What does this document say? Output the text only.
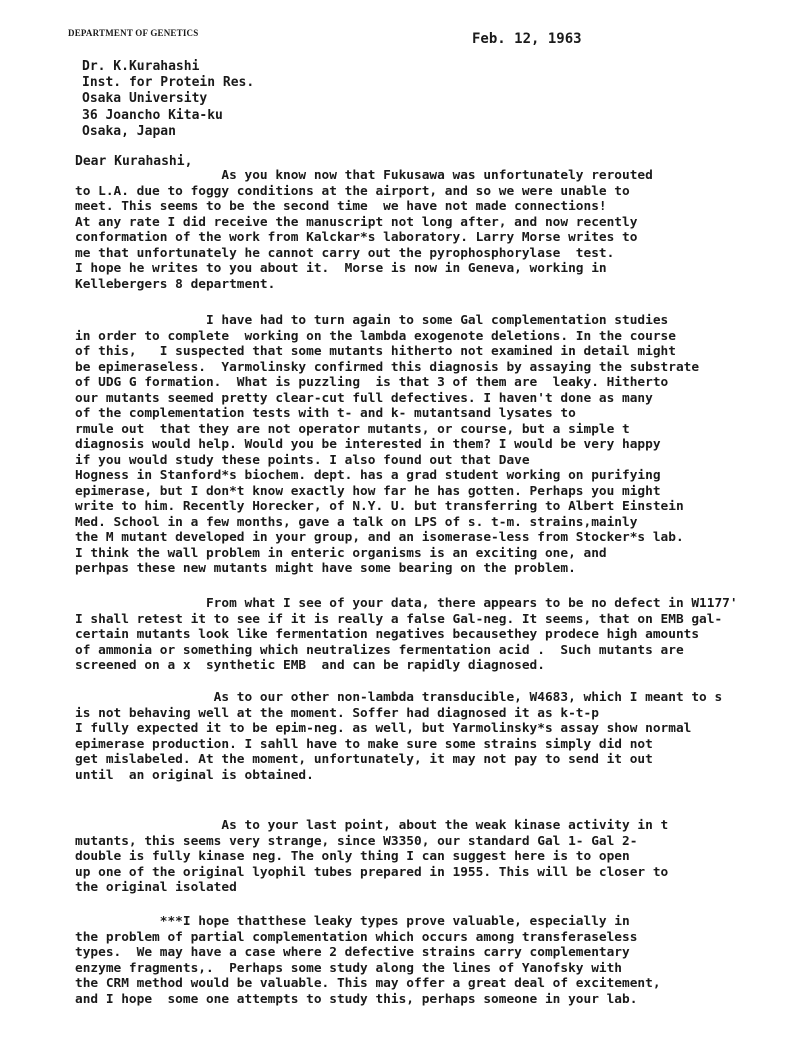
DEPARTMENT OF GENETICS	Feb. 12, 1963
Dr. K.Kurahashi
Inst. for Protein Res.
Osaka University
36 Joancho Kita-ku
Osaka, Japan
Dear Kurahashi,
As you know now that Fukusawa was unfortunately rerouted
to L.A. due to foggy conditions at the airport, and so we were unable to
meet. This seems to be the second time  we have not made connections!
At any rate I did receive the manuscript not long after, and now recently
conformation of the work from Kalckar*s laboratory. Larry Morse writes to
me that unfortunately he cannot carry out the pyrophosphorylase  test.
I hope he writes to you about it.  Morse is now in Geneva, working in
Kellebergers 8 department.
I have had to turn again to some Gal complementation studies
in order to complete  working on the lambda exogenote deletions. In the course
of this,   I suspected that some mutants hitherto not examined in detail might
be epimeraseless.  Yarmolinsky confirmed this diagnosis by assaying the substrate
of UDG G formation.  What is puzzling  is that 3 of them are  leaky. Hitherto
our mutants seemed pretty clear-cut full defectives. I haven't done as many
of the complementation tests with t- and k- mutantsand lysates to
rmule out  that they are not operator mutants, or course, but a simple t
diagnosis would help. Would you be interested in them? I would be very happy
if you would study these points. I also found out that Dave
Hogness in Stanford*s biochem. dept. has a grad student working on purifying
epimerase, but I don*t know exactly how far he has gotten. Perhaps you might
write to him. Recently Horecker, of N.Y. U. but transferring to Albert Einstein
Med. School in a few months, gave a talk on LPS of s. t-m. strains,mainly
the M mutant developed in your group, and an isomerase-less from Stocker*s lab.
I think the wall problem in enteric organisms is an exciting one, and
perhpas these new mutants might have some bearing on the problem.
From what I see of your data, there appears to be no defect in W1177'
I shall retest it to see if it is really a false Gal-neg. It seems, that on EMB gal-
certain mutants look like fermentation negatives becausethey prodece high amounts
of ammonia or something which neutralizes fermentation acid .  Such mutants are
screened on a x  synthetic EMB  and can be rapidly diagnosed.
As to our other non-lambda transducible, W4683, which I meant to s
is not behaving well at the moment. Soffer had diagnosed it as k-t-p
I fully expected it to be epim-neg. as well, but Yarmolinsky*s assay show normal
epimerase production. I sahll have to make sure some strains simply did not
get mislabeled. At the moment, unfortunately, it may not pay to send it out
until  an original is obtained.
As to your last point, about the weak kinase activity in t
mutants, this seems very strange, since W3350, our standard Gal 1- Gal 2-
double is fully kinase neg. The only thing I can suggest here is to open
up one of the original lyophil tubes prepared in 1955. This will be closer to
the original isolated
***I hope thatthese leaky types prove valuable, especially in
the problem of partial complementation which occurs among transferaseless
types.  We may have a case where 2 defective strains carry complementary
enzyme fragments,.  Perhaps some study along the lines of Yanofsky with
the CRM method would be valuable. This may offer a great deal of excitement,
and I hope  some one attempts to study this, perhaps someone in your lab.
